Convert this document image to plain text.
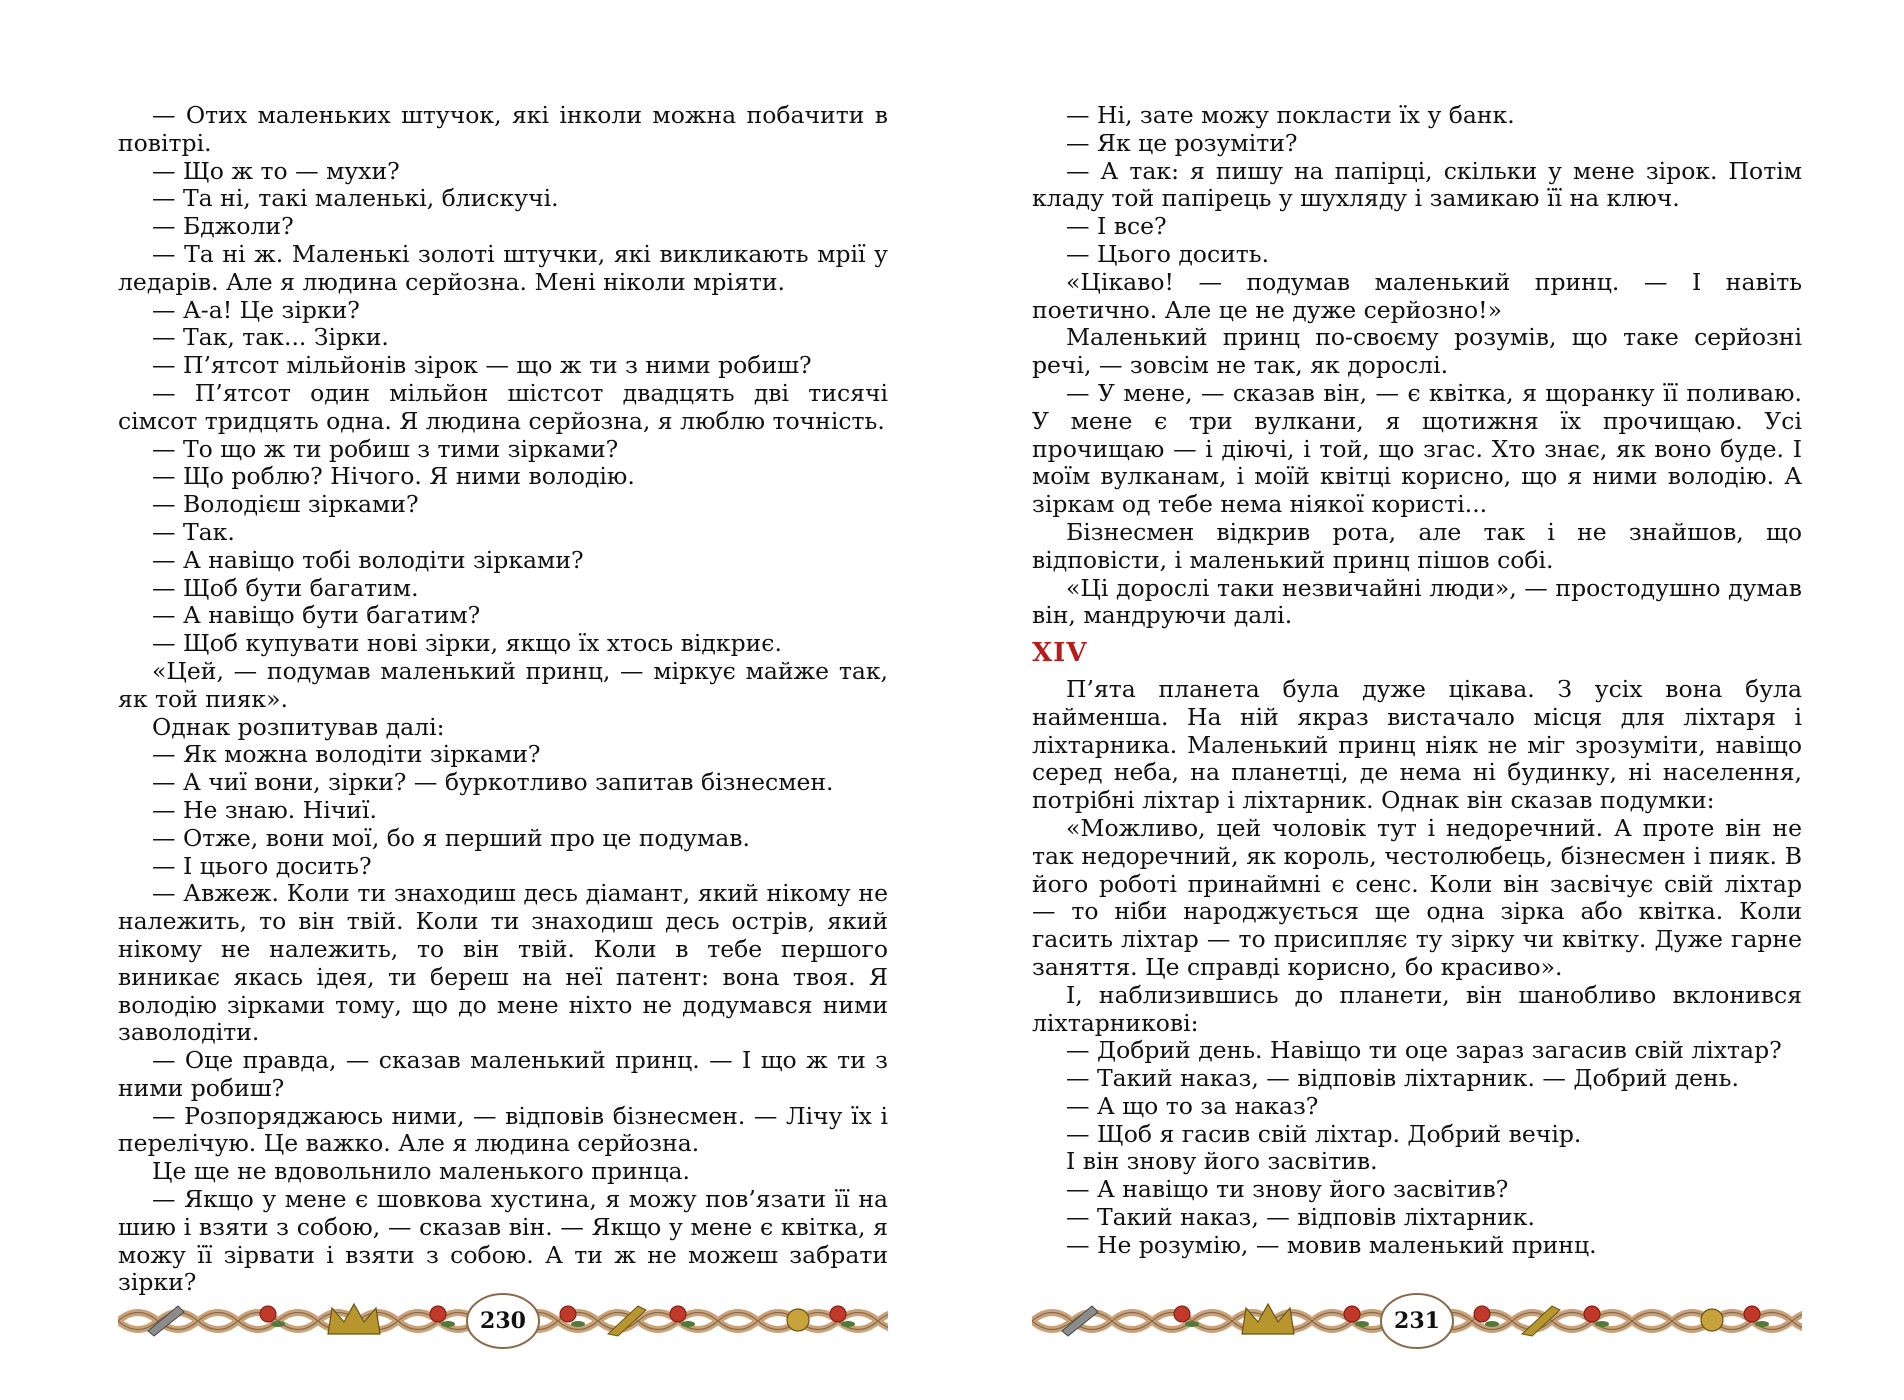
— Отих маленьких штучок, які інколи можна побачити в повітрі.

— Що ж то — мухи?

— Та ні, такі маленькі, блискучі.

— Бджоли?

— Та ні ж. Маленькі золоті штучки, які викликають мрії у ледарів. Але я людина серйозна. Мені ніколи мріяти.

— А-а! Це зірки?

— Так, так... Зірки.

— П’ятсот мільйонів зірок — що ж ти з ними робиш?

— П’ятсот один мільйон шістсот двадцять дві тисячі сімсот тридцять одна. Я людина серйозна, я люблю точність.

— То що ж ти робиш з тими зірками?

— Що роблю? Нічого. Я ними володію.

— Володієш зірками?

— Так.

— А навіщо тобі володіти зірками?

— Щоб бути багатим.

— А навіщо бути багатим?

— Щоб купувати нові зірки, якщо їх хтось відкриє.

«Цей, — подумав маленький принц, — міркує майже так, як той пияк».

Однак розпитував далі:

— Як можна володіти зірками?

— А чиї вони, зірки? — буркотливо запитав бізнесмен.

— Не знаю. Нічиї.

— Отже, вони мої, бо я перший про це подумав.

— І цього досить?

— Авжеж. Коли ти знаходиш десь діамант, який нікому не належить, то він твій. Коли ти знаходиш десь острів, який нікому не належить, то він твій. Коли в тебе першого виникає якась ідея, ти береш на неї патент: вона твоя. Я володію зірками тому, що до мене ніхто не додумався ними заволодіти.

— Оце правда, — сказав маленький принц. — І що ж ти з ними робиш?

— Розпоряджаюсь ними, — відповів бізнесмен. — Лічу їх і перелічую. Це важко. Але я людина серйозна.

Це ще не вдовольнило маленького принца.

— Якщо у мене є шовкова хустина, я можу пов’язати її на шию і взяти з собою, — сказав він. — Якщо у мене є квітка, я можу її зірвати і взяти з собою. А ти ж не можеш забрати зірки?

230

— Ні, зате можу покласти їх у банк.

— Як це розуміти?

— А так: я пишу на папірці, скільки у мене зірок. Потім кладу той папірець у шухляду і замикаю її на ключ.

— І все?

— Цього досить.

«Цікаво! — подумав маленький принц. — І навіть поетично. Але це не дуже серйозно!»

Маленький принц по-своєму розумів, що таке серйозні речі, — зовсім не так, як дорослі.

— У мене, — сказав він, — є квітка, я щоранку її поливаю. У мене є три вулкани, я щотижня їх прочищаю. Усі прочищаю — і діючі, і той, що згас. Хто знає, як воно буде. І моїм вулканам, і моїй квітці корисно, що я ними володію. А зіркам од тебе нема ніякої користі...

Бізнесмен відкрив рота, але так і не знайшов, що відповісти, і маленький принц пішов собі.

«Ці дорослі таки незвичайні люди», — простодушно думав він, мандруючи далі.

XIV

П’ята планета була дуже цікава. З усіх вона була найменша. На ній якраз вистачало місця для ліхтаря і ліхтарника. Маленький принц ніяк не міг зрозуміти, навіщо серед неба, на планетці, де нема ні будинку, ні населення, потрібні ліхтар і ліхтарник. Однак він сказав подумки:

«Можливо, цей чоловік тут і недоречний. А проте він не так недоречний, як король, честолюбець, бізнесмен і пияк. В його роботі принаймні є сенс. Коли він засвічує свій ліхтар — то ніби народжується ще одна зірка або квітка. Коли гасить ліхтар — то присипляє ту зірку чи квітку. Дуже гарне заняття. Це справді корисно, бо красиво».

І, наблизившись до планети, він шанобливо вклонився ліхтарникові:

— Добрий день. Навіщо ти оце зараз загасив свій ліхтар?

— Такий наказ, — відповів ліхтарник. — Добрий день.

— А що то за наказ?

— Щоб я гасив свій ліхтар. Добрий вечір.

І він знову його засвітив.

— А навіщо ти знову його засвітив?

— Такий наказ, — відповів ліхтарник.

— Не розумію, — мовив маленький принц.

231
